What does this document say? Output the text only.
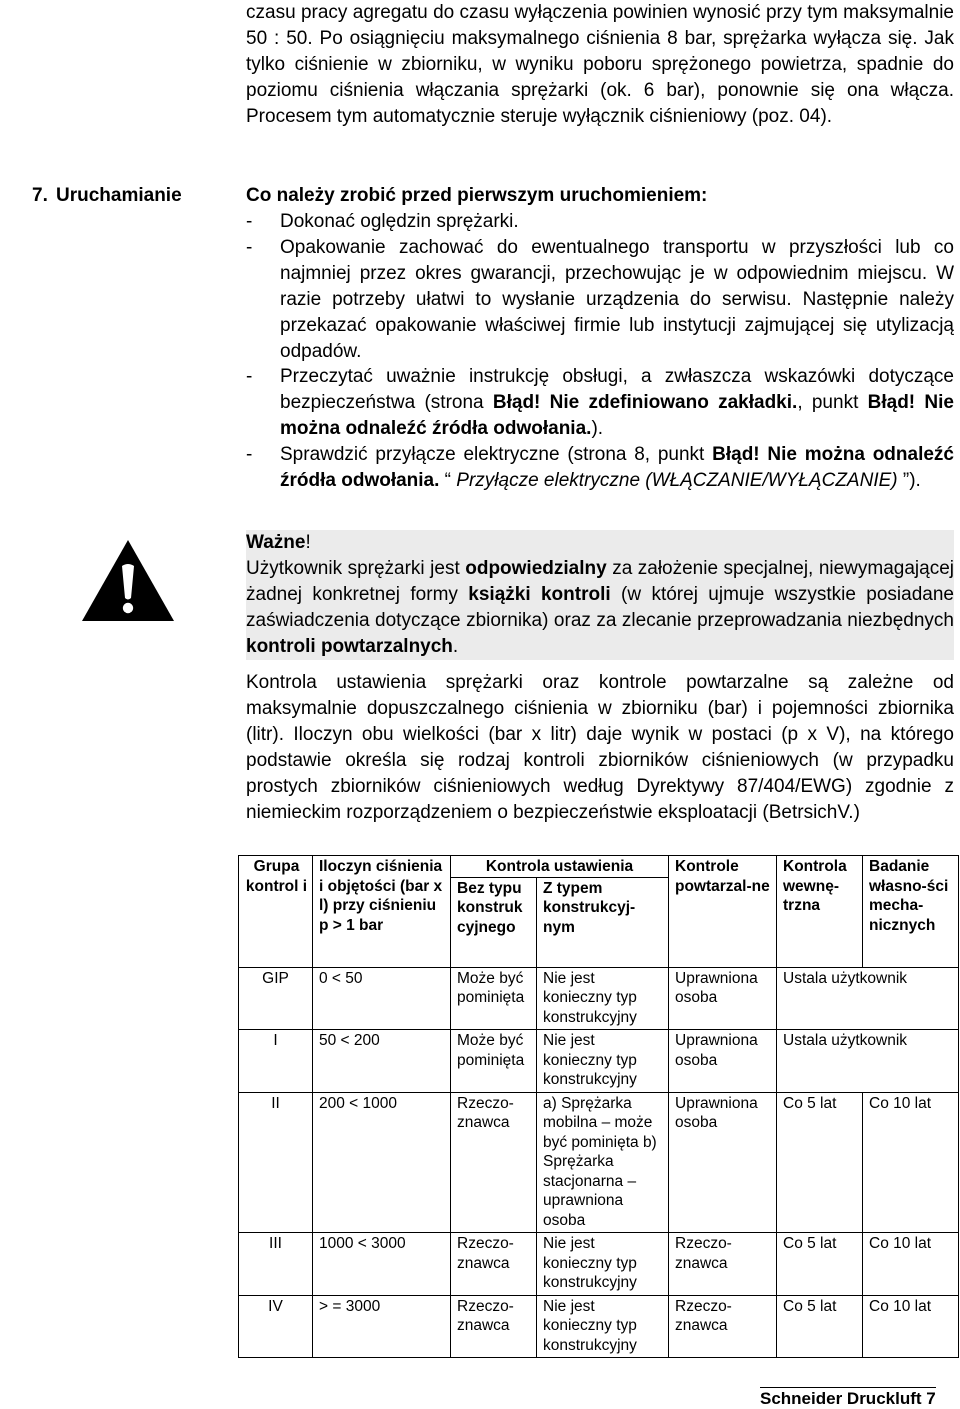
czasu pracy agregatu do czasu wyłączenia powinien wynosić przy tym maksymalnie 50 : 50. Po osiągnięciu maksymalnego ciśnienia 8 bar, sprężarka wyłącza się. Jak tylko ciśnienie w zbiorniku, w wyniku poboru sprężonego powietrza, spadnie do poziomu ciśnienia włączania sprężarki (ok. 6 bar), ponownie się ona włącza. Procesem tym automatycznie steruje wyłącznik ciśnieniowy (poz. 04).
7. Uruchamianie	Co należy zrobić przed pierwszym uruchomieniem:
-	Dokonać oględzin sprężarki.
-	Opakowanie zachować do ewentualnego transportu w przyszłości lub co najmniej przez okres gwarancji, przechowując je w odpowiednim miejscu. W razie potrzeby ułatwi to wysłanie urządzenia do serwisu. Następnie należy przekazać opakowanie właściwej firmie lub instytucji zajmującej się utylizacją odpadów.
-	Przeczytać uważnie instrukcję obsługi, a zwłaszcza wskazówki dotyczące bezpieczeństwa (strona Błąd! Nie zdefiniowano zakładki., punkt Błąd! Nie można odnaleźć źródła odwołania.).
-	Sprawdzić przyłącze elektryczne (strona 8, punkt Błąd! Nie można odnaleźć źródła odwołania. “ Przyłącze elektryczne (WŁĄCZANIE/WYŁĄCZANIE) ”).
Ważne!
Użytkownik sprężarki jest odpowiedzialny za założenie specjalnej, niewymagającej żadnej konkretnej formy książki kontroli (w której ujmuje wszystkie posiadane zaświadczenia dotyczące zbiornika) oraz za zlecanie przeprowadzania niezbędnych kontroli powtarzalnych.
Kontrola ustawienia sprężarki oraz kontrole powtarzalne są zależne od maksymalnie dopuszczalnego ciśnienia w zbiorniku (bar) i pojemności zbiornika (litr). Iloczyn obu wielkości (bar x litr) daje wynik w postaci (p x V), na którego podstawie określa się rodzaj kontroli zbiorników ciśnieniowych (w przypadku prostych zbiorników ciśnieniowych według Dyrektywy 87/404/EWG) zgodnie z niemieckim rozporządzeniem o bezpieczeństwie eksploatacji (BetrsichV.)
Grupa kontrol i	Iloczyn ciśnienia i objętości (bar x l) przy ciśnieniu p > 1 bar	Kontrola ustawienia		Kontrole powtarzal-ne	Kontrola wewnę-trzna	Badanie własno-ści mecha-nicznych
		Bez typu konstruk cyjnego	Z typem konstrukcyj-nym			
GIP	0 < 50	Może być pominięta	Nie jest konieczny typ konstrukcyjny	Uprawniona osoba	Ustala użytkownik	
I	50 < 200	Może być pominięta	Nie jest konieczny typ konstrukcyjny	Uprawniona osoba	Ustala użytkownik	
II	200 < 1000	Rzeczo-znawca	a) Sprężarka mobilna – może być pominięta b) Sprężarka stacjonarna – uprawniona osoba	Uprawniona osoba	Co 5 lat	Co 10 lat
III	1000 < 3000	Rzeczo-znawca	Nie jest konieczny typ konstrukcyjny	Rzeczo-znawca	Co 5 lat	Co 10 lat
IV	> = 3000	Rzeczo-znawca	Nie jest konieczny typ konstrukcyjny	Rzeczo-znawca	Co 5 lat	Co 10 lat
Schneider Druckluft 7
